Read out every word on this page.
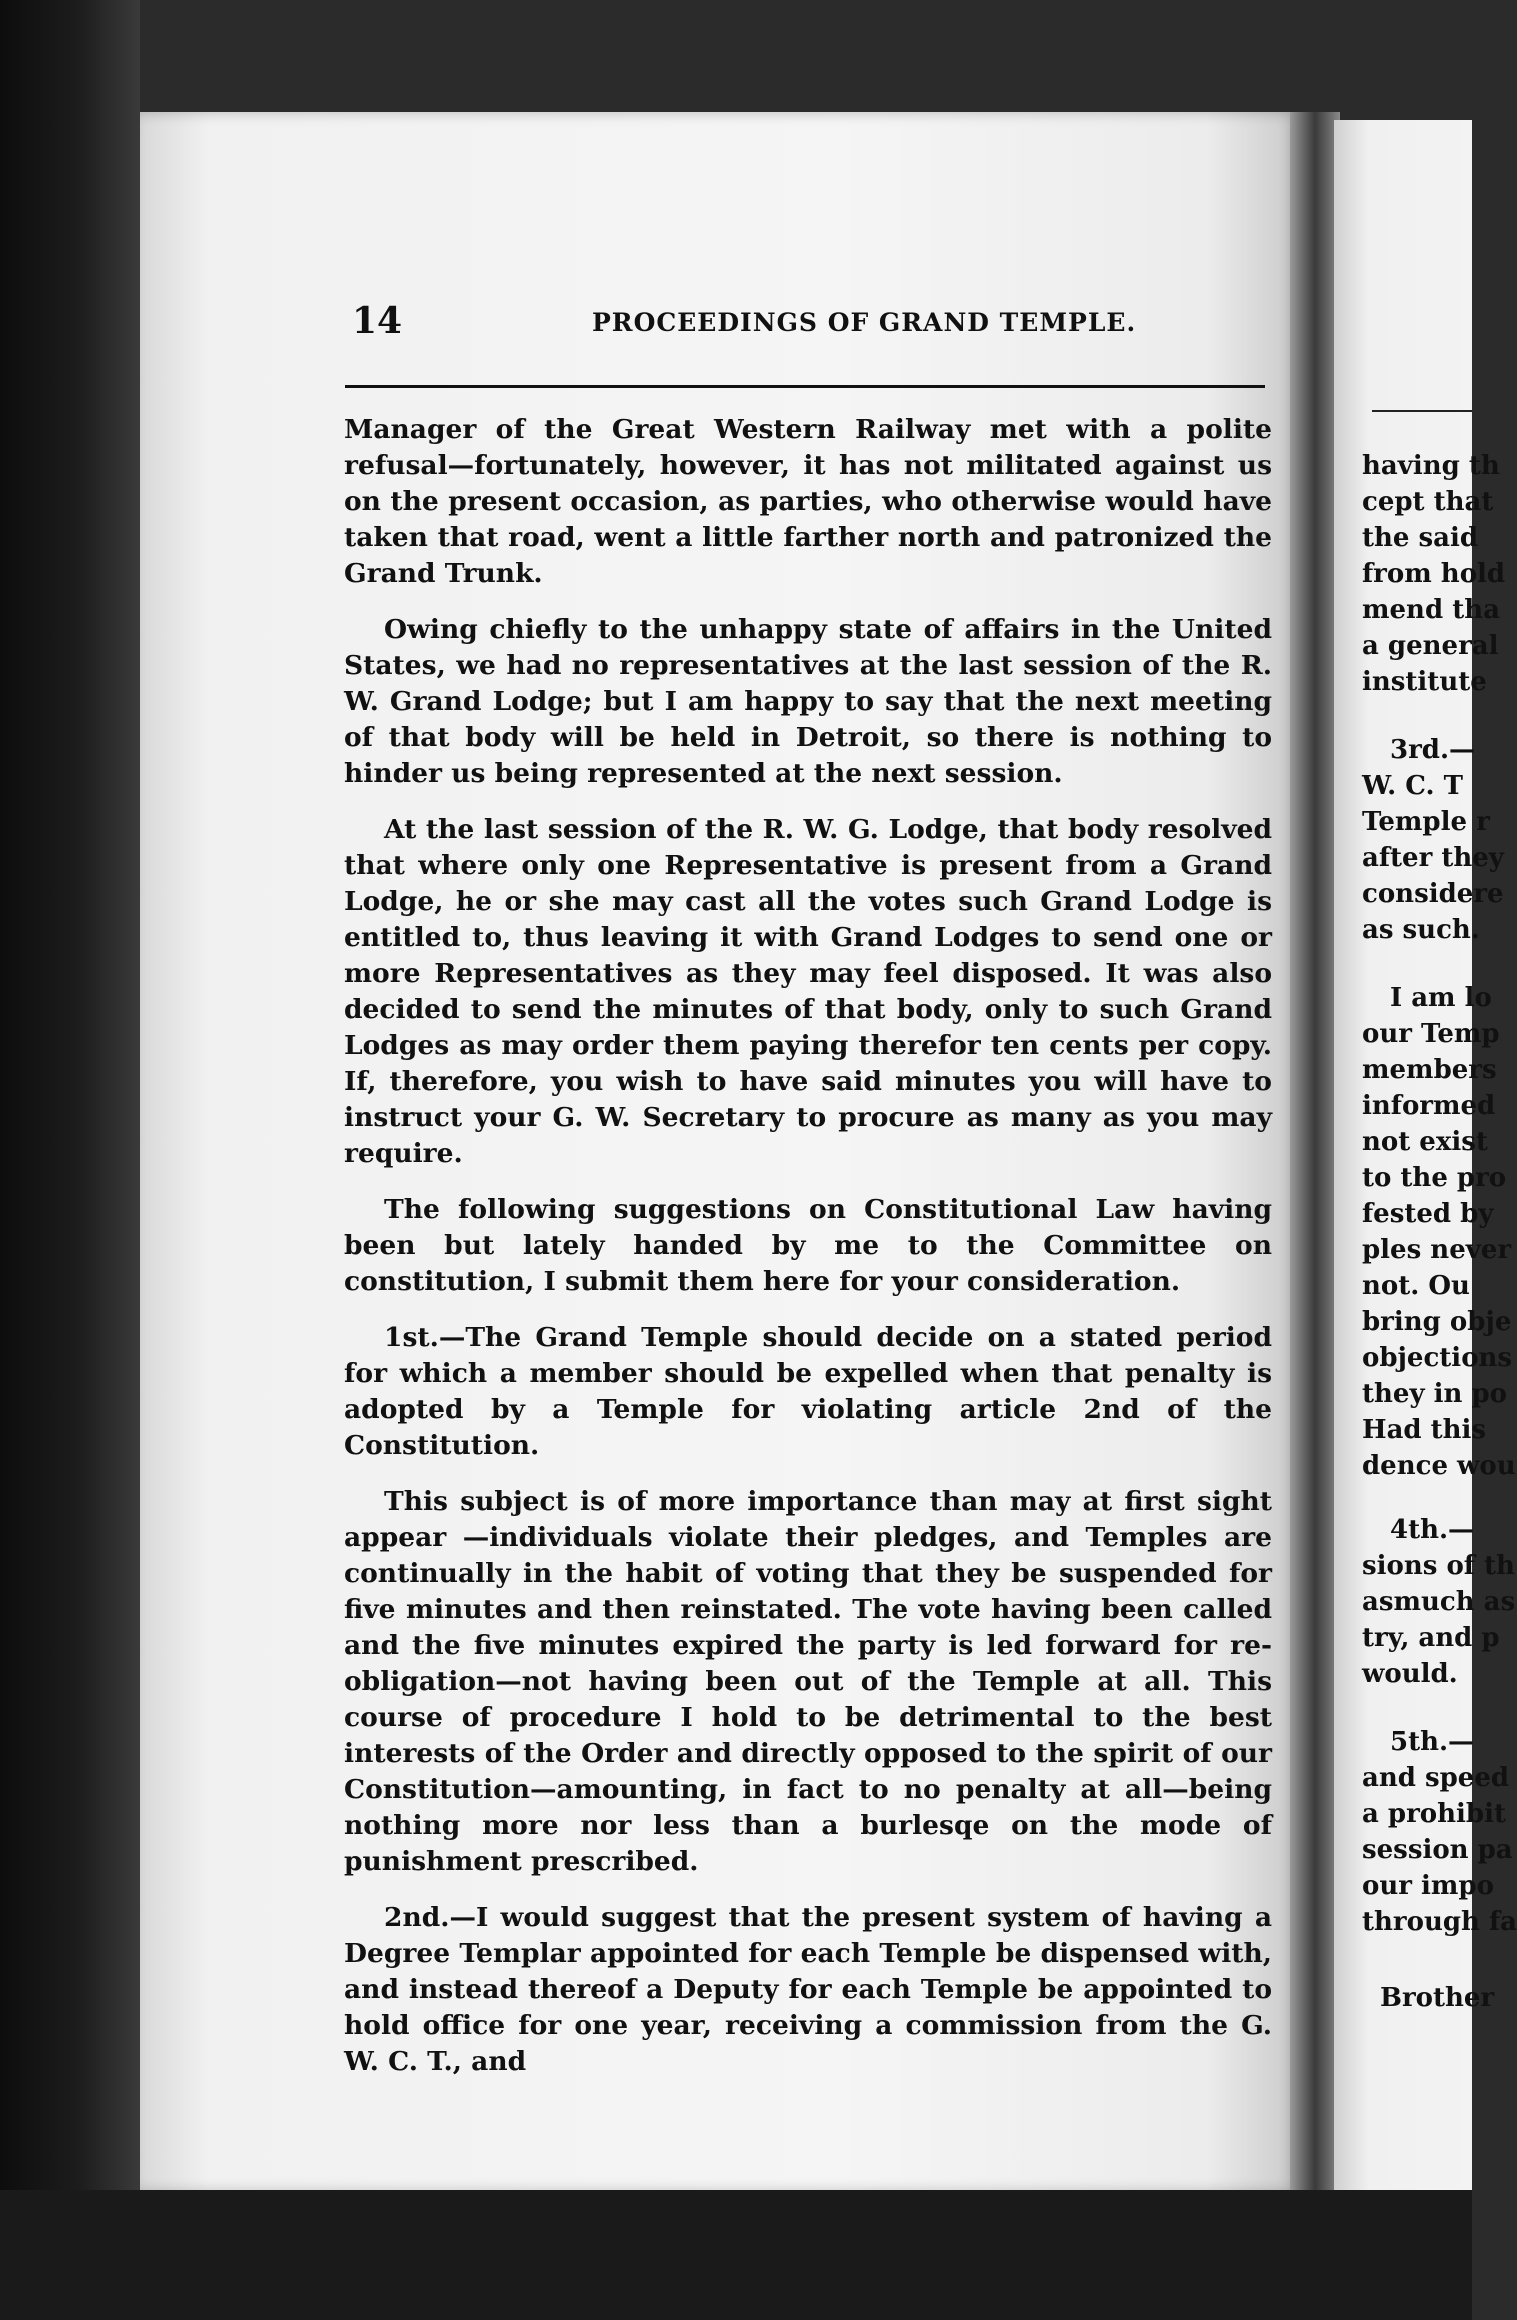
14	PROCEEDINGS OF GRAND TEMPLE.

Manager of the Great Western Railway met with a polite refusal—fortunately, however, it has not militated against us on the present occasion, as parties, who otherwise would have taken that road, went a little farther north and patronized the Grand Trunk.

Owing chiefly to the unhappy state of affairs in the United States, we had no representatives at the last session of the R. W. Grand Lodge; but I am happy to say that the next meeting of that body will be held in Detroit, so there is nothing to hinder us being represented at the next session.

At the last session of the R. W. G. Lodge, that body resolved that where only one Representative is present from a Grand Lodge, he or she may cast all the votes such Grand Lodge is entitled to, thus leaving it with Grand Lodges to send one or more Representatives as they may feel disposed. It was also decided to send the minutes of that body, only to such Grand Lodges as may order them paying therefor ten cents per copy. If, therefore, you wish to have said minutes you will have to instruct your G. W. Secretary to procure as many as you may require.

The following suggestions on Constitutional Law having been but lately handed by me to the Committee on constitution, I submit them here for your consideration.

1st.—The Grand Temple should decide on a stated period for which a member should be expelled when that penalty is adopted by a Temple for violating article 2nd of the Constitution.

This subject is of more importance than may at first sight appear —individuals violate their pledges, and Temples are continually in the habit of voting that they be suspended for five minutes and then reinstated. The vote having been called and the five minutes expired the party is led forward for re-obligation—not having been out of the Temple at all. This course of procedure I hold to be detrimental to the best interests of the Order and directly opposed to the spirit of our Constitution—amounting, in fact to no penalty at all—being nothing more nor less than a burlesqe on the mode of punishment prescribed.

2nd.—I would suggest that the present system of having a Degree Templar appointed for each Temple be dispensed with, and instead thereof a Deputy for each Temple be appointed to hold office for one year, receiving a commission from the G. W. C. T., and

having th
cept that
the said
from hold
mend tha
a general
institute
3rd.—
W. C. T
Temple r
after they
considere
as such.
I am lo
our Temp
members
informed
not exist
to the pro
fested by
ples never
not. Ou
bring obje
objections
they in po
Had this
dence wou
4th.—
sions of th
asmuch as
try, and p
would.
5th.—
and speed
a prohibit
session pa
our impo
through fa
Brother
